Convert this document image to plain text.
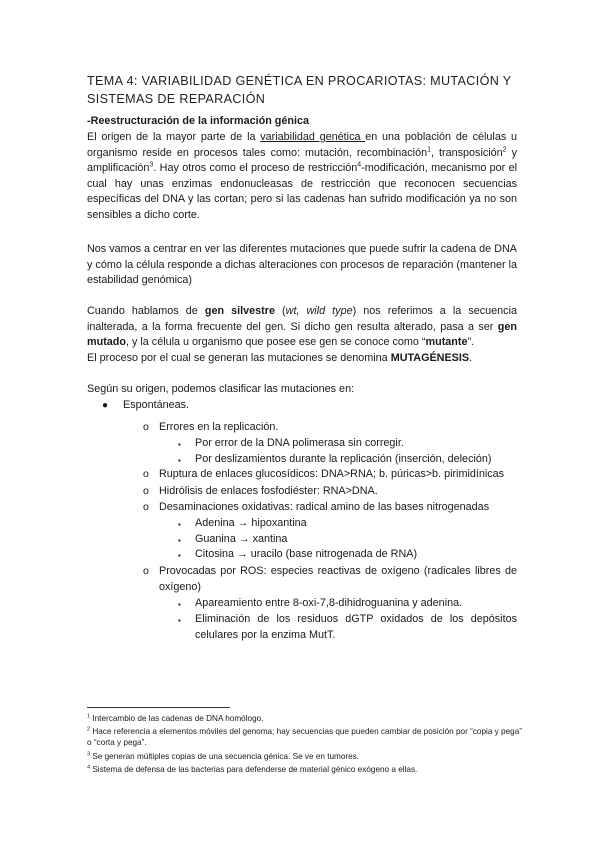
TEMA 4: VARIABILIDAD GENÉTICA EN PROCARIOTAS: MUTACIÓN Y SISTEMAS DE REPARACIÓN
-Reestructuración de la información génica
El origen de la mayor parte de la variabilidad genética en una población de células u organismo reside en procesos tales como: mutación, recombinación$^1$, transposición$^2$ y amplificación$^3$. Hay otros como el proceso de restricción$^4$-modificación, mecanismo por el cual hay unas enzimas endonucleasas de restricción que reconocen secuencias específicas del DNA y las cortan; pero si las cadenas han sufrido modificación ya no son sensibles a dicho corte.
Nos vamos a centrar en ver las diferentes mutaciones que puede sufrir la cadena de DNA y cómo la célula responde a dichas alteraciones con procesos de reparación (mantener la estabilidad genómica)
Cuando hablamos de gen silvestre (wt, wild type) nos referimos a la secuencia inalterada, a la forma frecuente del gen. Si dicho gen resulta alterado, pasa a ser gen mutado, y la célula u organismo que posee ese gen se conoce como “mutante”.
El proceso por el cual se generan las mutaciones se denomina MUTAGÉNESIS.
Según su origen, podemos clasificar las mutaciones en:
● Espontáneas.
o Errores en la replicación.
▪ Por error de la DNA polimerasa sin corregir.
▪ Por deslizamientos durante la replicación (inserción, deleción)
o Ruptura de enlaces glucosídicos: DNA>RNA; b. púricas>b. pirimidínicas
o Hidrólisis de enlaces fosfodiéster: RNA>DNA.
o Desaminaciones oxidativas: radical amino de las bases nitrogenadas
▪ Adenina → hipoxantina
▪ Guanina → xantina
▪ Citosina → uracilo (base nitrogenada de RNA)
o Provocadas por ROS: especies reactivas de oxígeno (radicales libres de oxígeno)
▪ Apareamiento entre 8-oxi-7,8-dihidroguanina y adenina.
▪ Eliminación de los residuos dGTP oxidados de los depósitos celulares por la enzima MutT.
$^1$ Intercambio de las cadenas de DNA homólogo.
$^2$ Hace referencia a elementos móviles del genoma; hay secuencias que pueden cambiar de posición por “copia y pega” o “corta y pega”.
$^3$ Se generan múltiples copias de una secuencia génica. Se ve en tumores.
$^4$ Sistema de defensa de las bacterias para defenderse de material génico exógeno a ellas.
